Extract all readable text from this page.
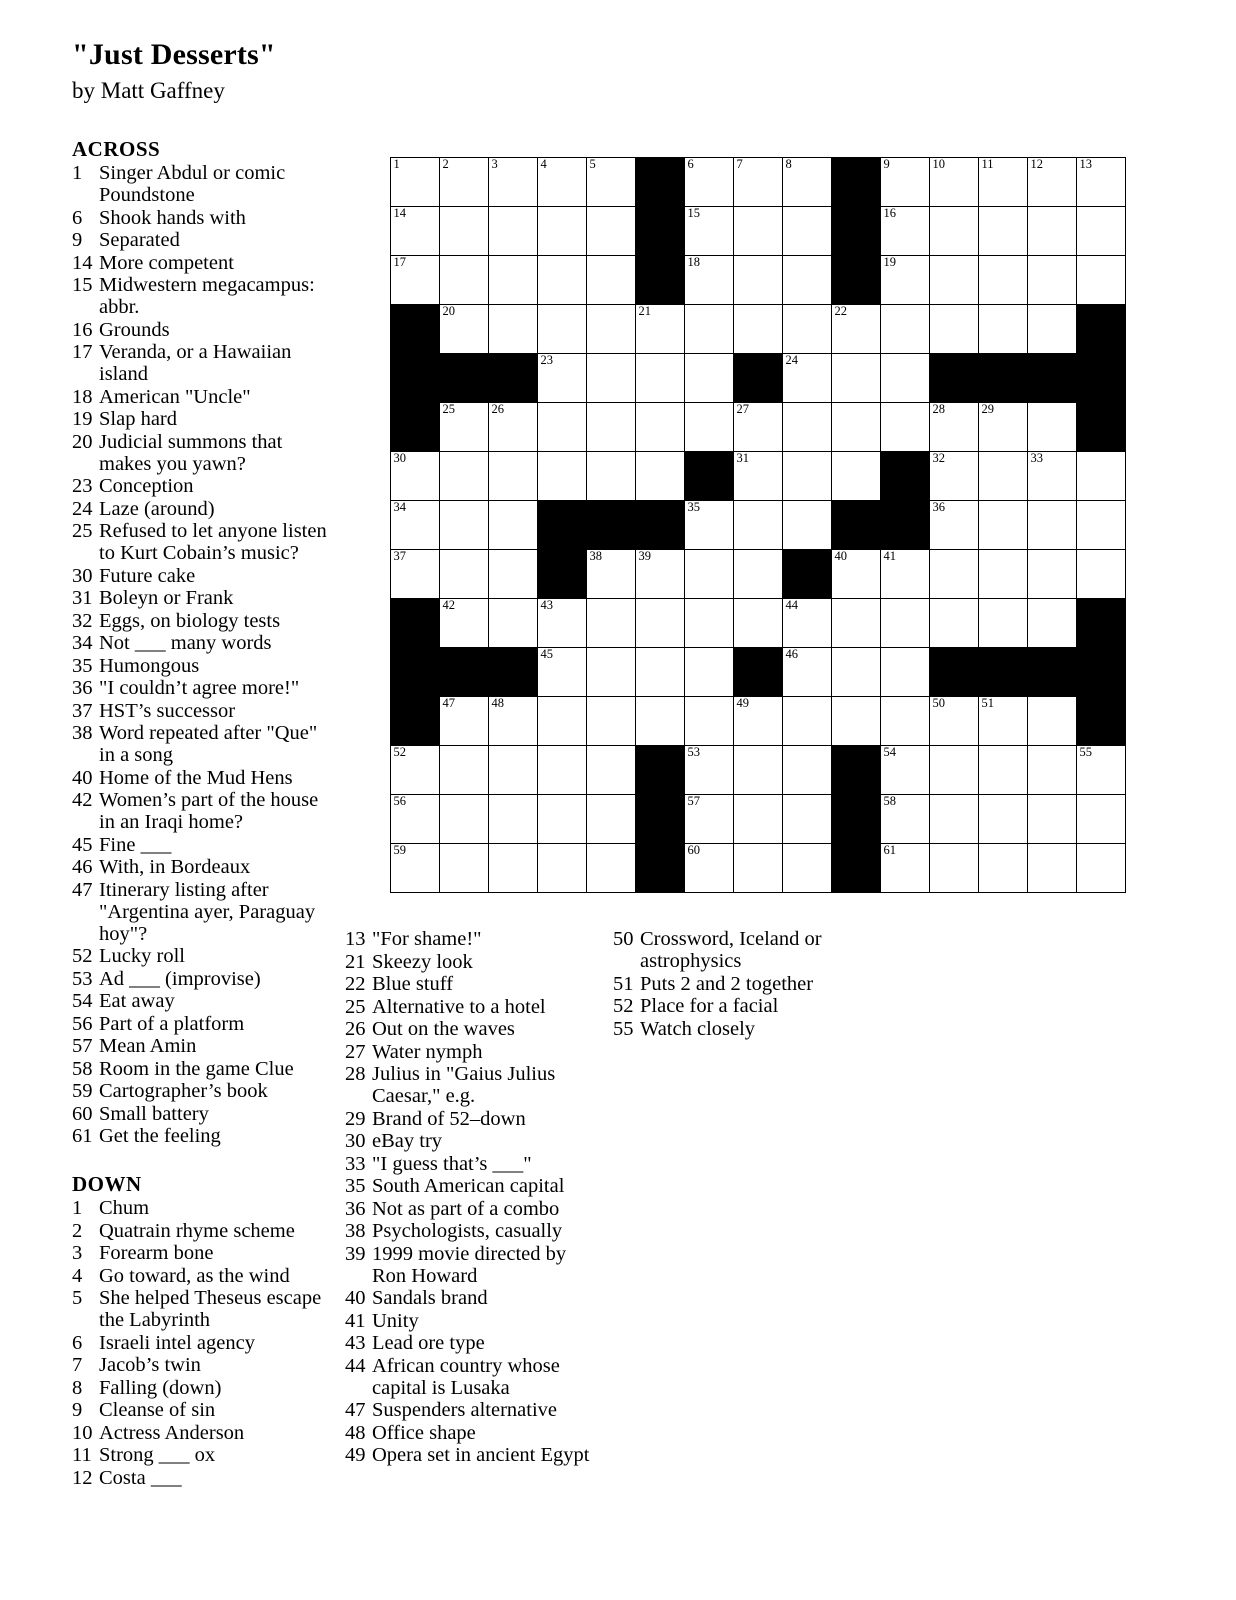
"Just Desserts"
by Matt Gaffney
ACROSS
1 Singer Abdul or comic Poundstone
6 Shook hands with
9 Separated
14 More competent
15 Midwestern megacampus: abbr.
16 Grounds
17 Veranda, or a Hawaiian island
18 American "Uncle"
19 Slap hard
20 Judicial summons that makes you yawn?
23 Conception
24 Laze (around)
25 Refused to let anyone listen to Kurt Cobain’s music?
30 Future cake
31 Boleyn or Frank
32 Eggs, on biology tests
34 Not ___ many words
35 Humongous
36 "I couldn’t agree more!"
37 HST’s successor
38 Word repeated after "Que" in a song
40 Home of the Mud Hens
42 Women’s part of the house in an Iraqi home?
45 Fine ___
46 With, in Bordeaux
47 Itinerary listing after "Argentina ayer, Paraguay hoy"?
52 Lucky roll
53 Ad ___ (improvise)
54 Eat away
56 Part of a platform
57 Mean Amin
58 Room in the game Clue
59 Cartographer’s book
60 Small battery
61 Get the feeling
DOWN
1 Chum
2 Quatrain rhyme scheme
3 Forearm bone
4 Go toward, as the wind
5 She helped Theseus escape the Labyrinth
6 Israeli intel agency
7 Jacob’s twin
8 Falling (down)
9 Cleanse of sin
10 Actress Anderson
11 Strong ___ ox
12 Costa ___
13 "For shame!"
21 Skeezy look
22 Blue stuff
25 Alternative to a hotel
26 Out on the waves
27 Water nymph
28 Julius in "Gaius Julius Caesar," e.g.
29 Brand of 52–down
30 eBay try
33 "I guess that’s ___"
35 South American capital
36 Not as part of a combo
38 Psychologists, casually
39 1999 movie directed by Ron Howard
40 Sandals brand
41 Unity
43 Lead ore type
44 African country whose capital is Lusaka
47 Suspenders alternative
48 Office shape
49 Opera set in ancient Egypt
50 Crossword, Iceland or astrophysics
51 Puts 2 and 2 together
52 Place for a facial
55 Watch closely
1	2	3	4	5		6	7	8		9	10	11	12	13

14						15				16				

17						18				19				

	20				21				22					

			23					24						

	25	26					27				28	29		

30							31				32		33	

34						35					36			

37				38	39				40	41				

	42		43					44						

			45					46						

	47	48					49				50	51		

52						53				54				55

56						57				58				

59						60				61				
